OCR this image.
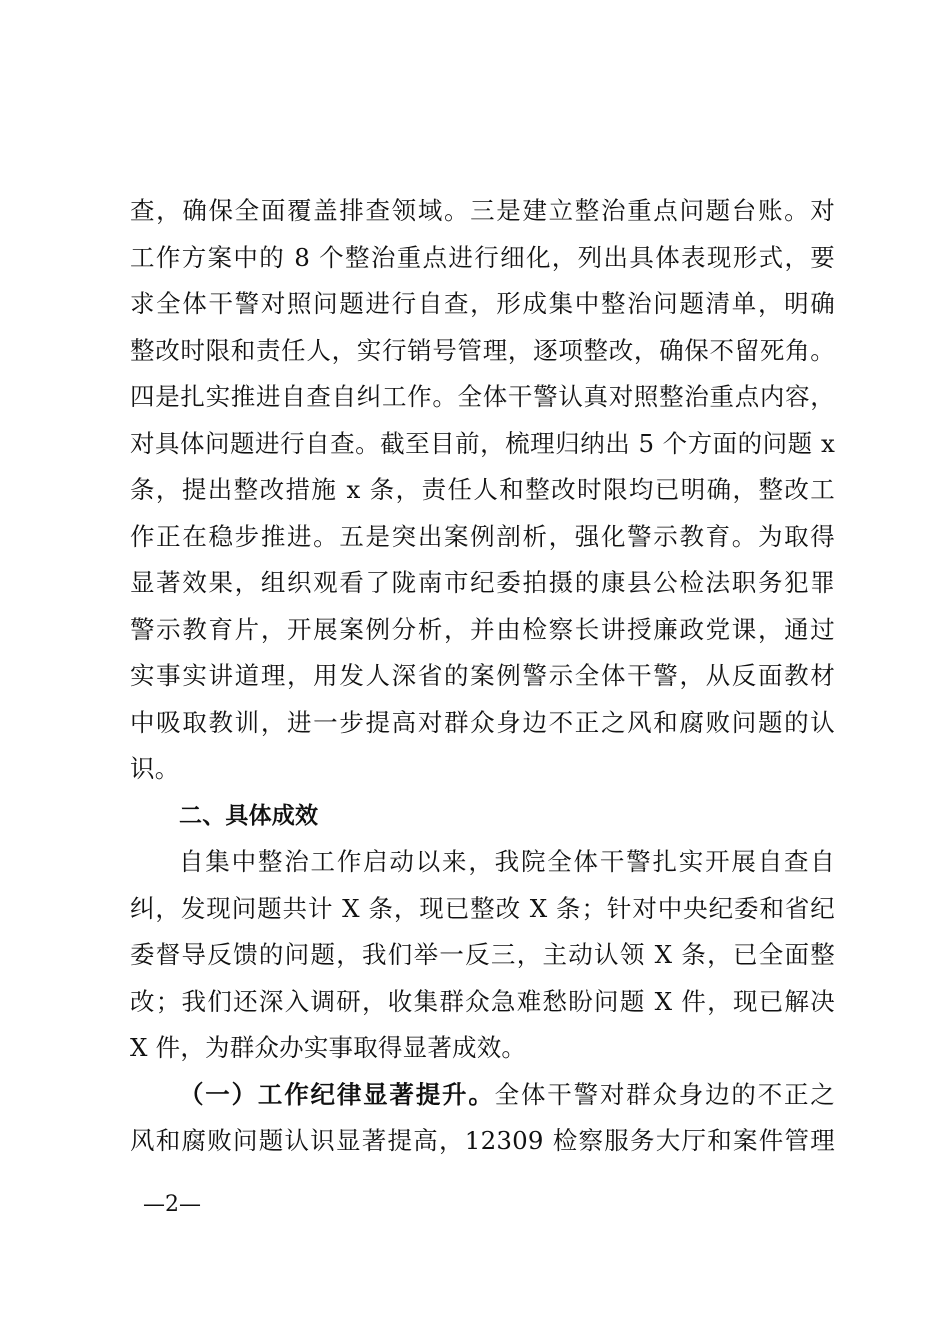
查，确保全面覆盖排查领域。三是建立整治重点问题台账。对
工作方案中的 8 个整治重点进行细化，列出具体表现形式，要
求全体干警对照问题进行自查，形成集中整治问题清单，明确
整改时限和责任人，实行销号管理，逐项整改，确保不留死角。
四是扎实推进自查自纠工作。全体干警认真对照整治重点内容，
对具体问题进行自查。截至目前，梳理归纳出 5 个方面的问题 x
条，提出整改措施 x 条，责任人和整改时限均已明确，整改工
作正在稳步推进。五是突出案例剖析，强化警示教育。为取得
显著效果，组织观看了陇南市纪委拍摄的康县公检法职务犯罪
警示教育片，开展案例分析，并由检察长讲授廉政党课，通过
实事实讲道理，用发人深省的案例警示全体干警，从反面教材
中吸取教训，进一步提高对群众身边不正之风和腐败问题的认
识。
二、具体成效
自集中整治工作启动以来，我院全体干警扎实开展自查自
纠，发现问题共计 X 条，现已整改 X 条；针对中央纪委和省纪
委督导反馈的问题，我们举一反三，主动认领 X 条，已全面整
改；我们还深入调研，收集群众急难愁盼问题 X 件，现已解决
X 件，为群众办实事取得显著成效。
（一）工作纪律显著提升。全体干警对群众身边的不正之
风和腐败问题认识显著提高，12309 检察服务大厅和案件管理
—2—
